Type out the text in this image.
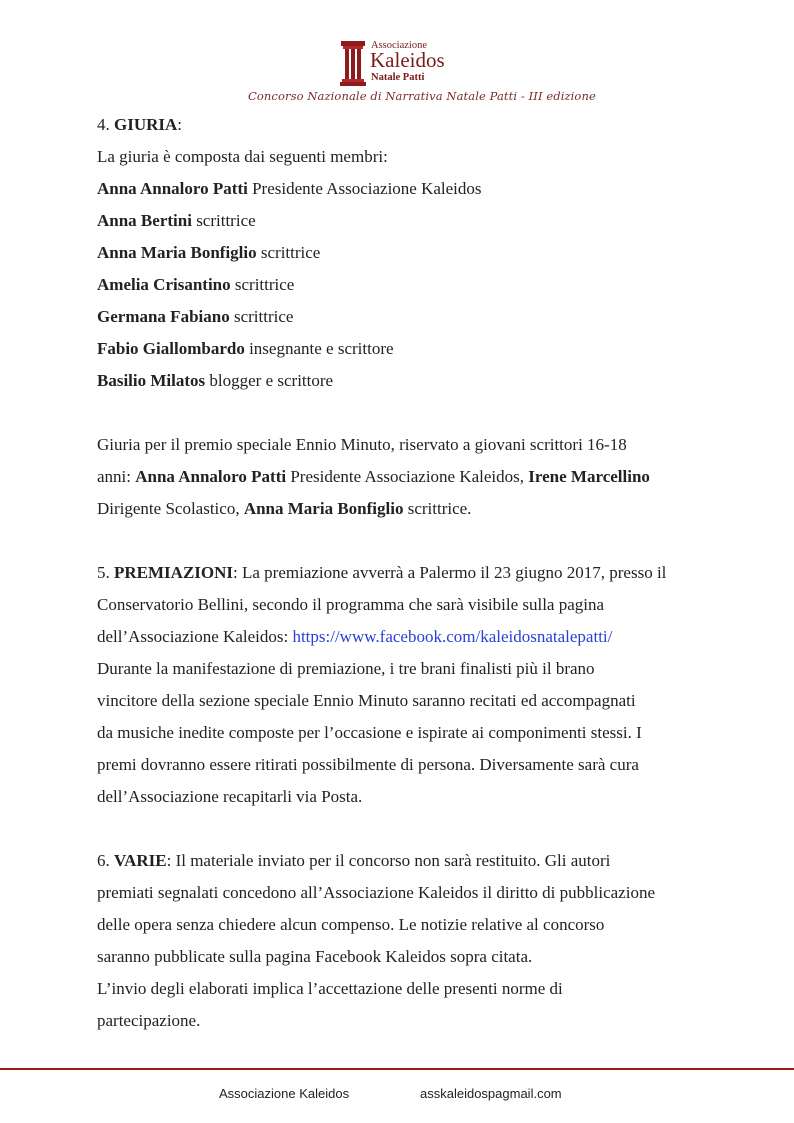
Associazione
Kaleidos
Natale Patti
Concorso Nazionale di Narrativa Natale Patti - III edizione
4. GIURIA:
La giuria è composta dai seguenti membri:
Anna Annaloro Patti Presidente Associazione Kaleidos
Anna Bertini scrittrice
Anna Maria Bonfiglio scrittrice
Amelia Crisantino scrittrice
Germana Fabiano scrittrice
Fabio Giallombardo insegnante e scrittore
Basilio Milatos blogger e scrittore
Giuria per il premio speciale Ennio Minuto, riservato a giovani scrittori 16-18
anni: Anna Annaloro Patti Presidente Associazione Kaleidos, Irene Marcellino
Dirigente Scolastico, Anna Maria Bonfiglio scrittrice.
5. PREMIAZIONI: La premiazione avverrà a Palermo il 23 giugno 2017, presso il
Conservatorio Bellini, secondo il programma che sarà visibile sulla pagina
dell’Associazione Kaleidos: https://www.facebook.com/kaleidosnatalepatti/
Durante la manifestazione di premiazione, i tre brani finalisti più il brano
vincitore della sezione speciale Ennio Minuto saranno recitati ed accompagnati
da musiche inedite composte per l’occasione e ispirate ai componimenti stessi. I
premi dovranno essere ritirati possibilmente di persona. Diversamente sarà cura
dell’Associazione recapitarli via Posta.
6. VARIE: Il materiale inviato per il concorso non sarà restituito. Gli autori
premiati segnalati concedono all’Associazione Kaleidos il diritto di pubblicazione
delle opera senza chiedere alcun compenso. Le notizie relative al concorso
saranno pubblicate sulla pagina Facebook Kaleidos sopra citata.
L’invio degli elaborati implica l’accettazione delle presenti norme di
partecipazione.
Associazione Kaleidos	asskaleidospagmail.com
